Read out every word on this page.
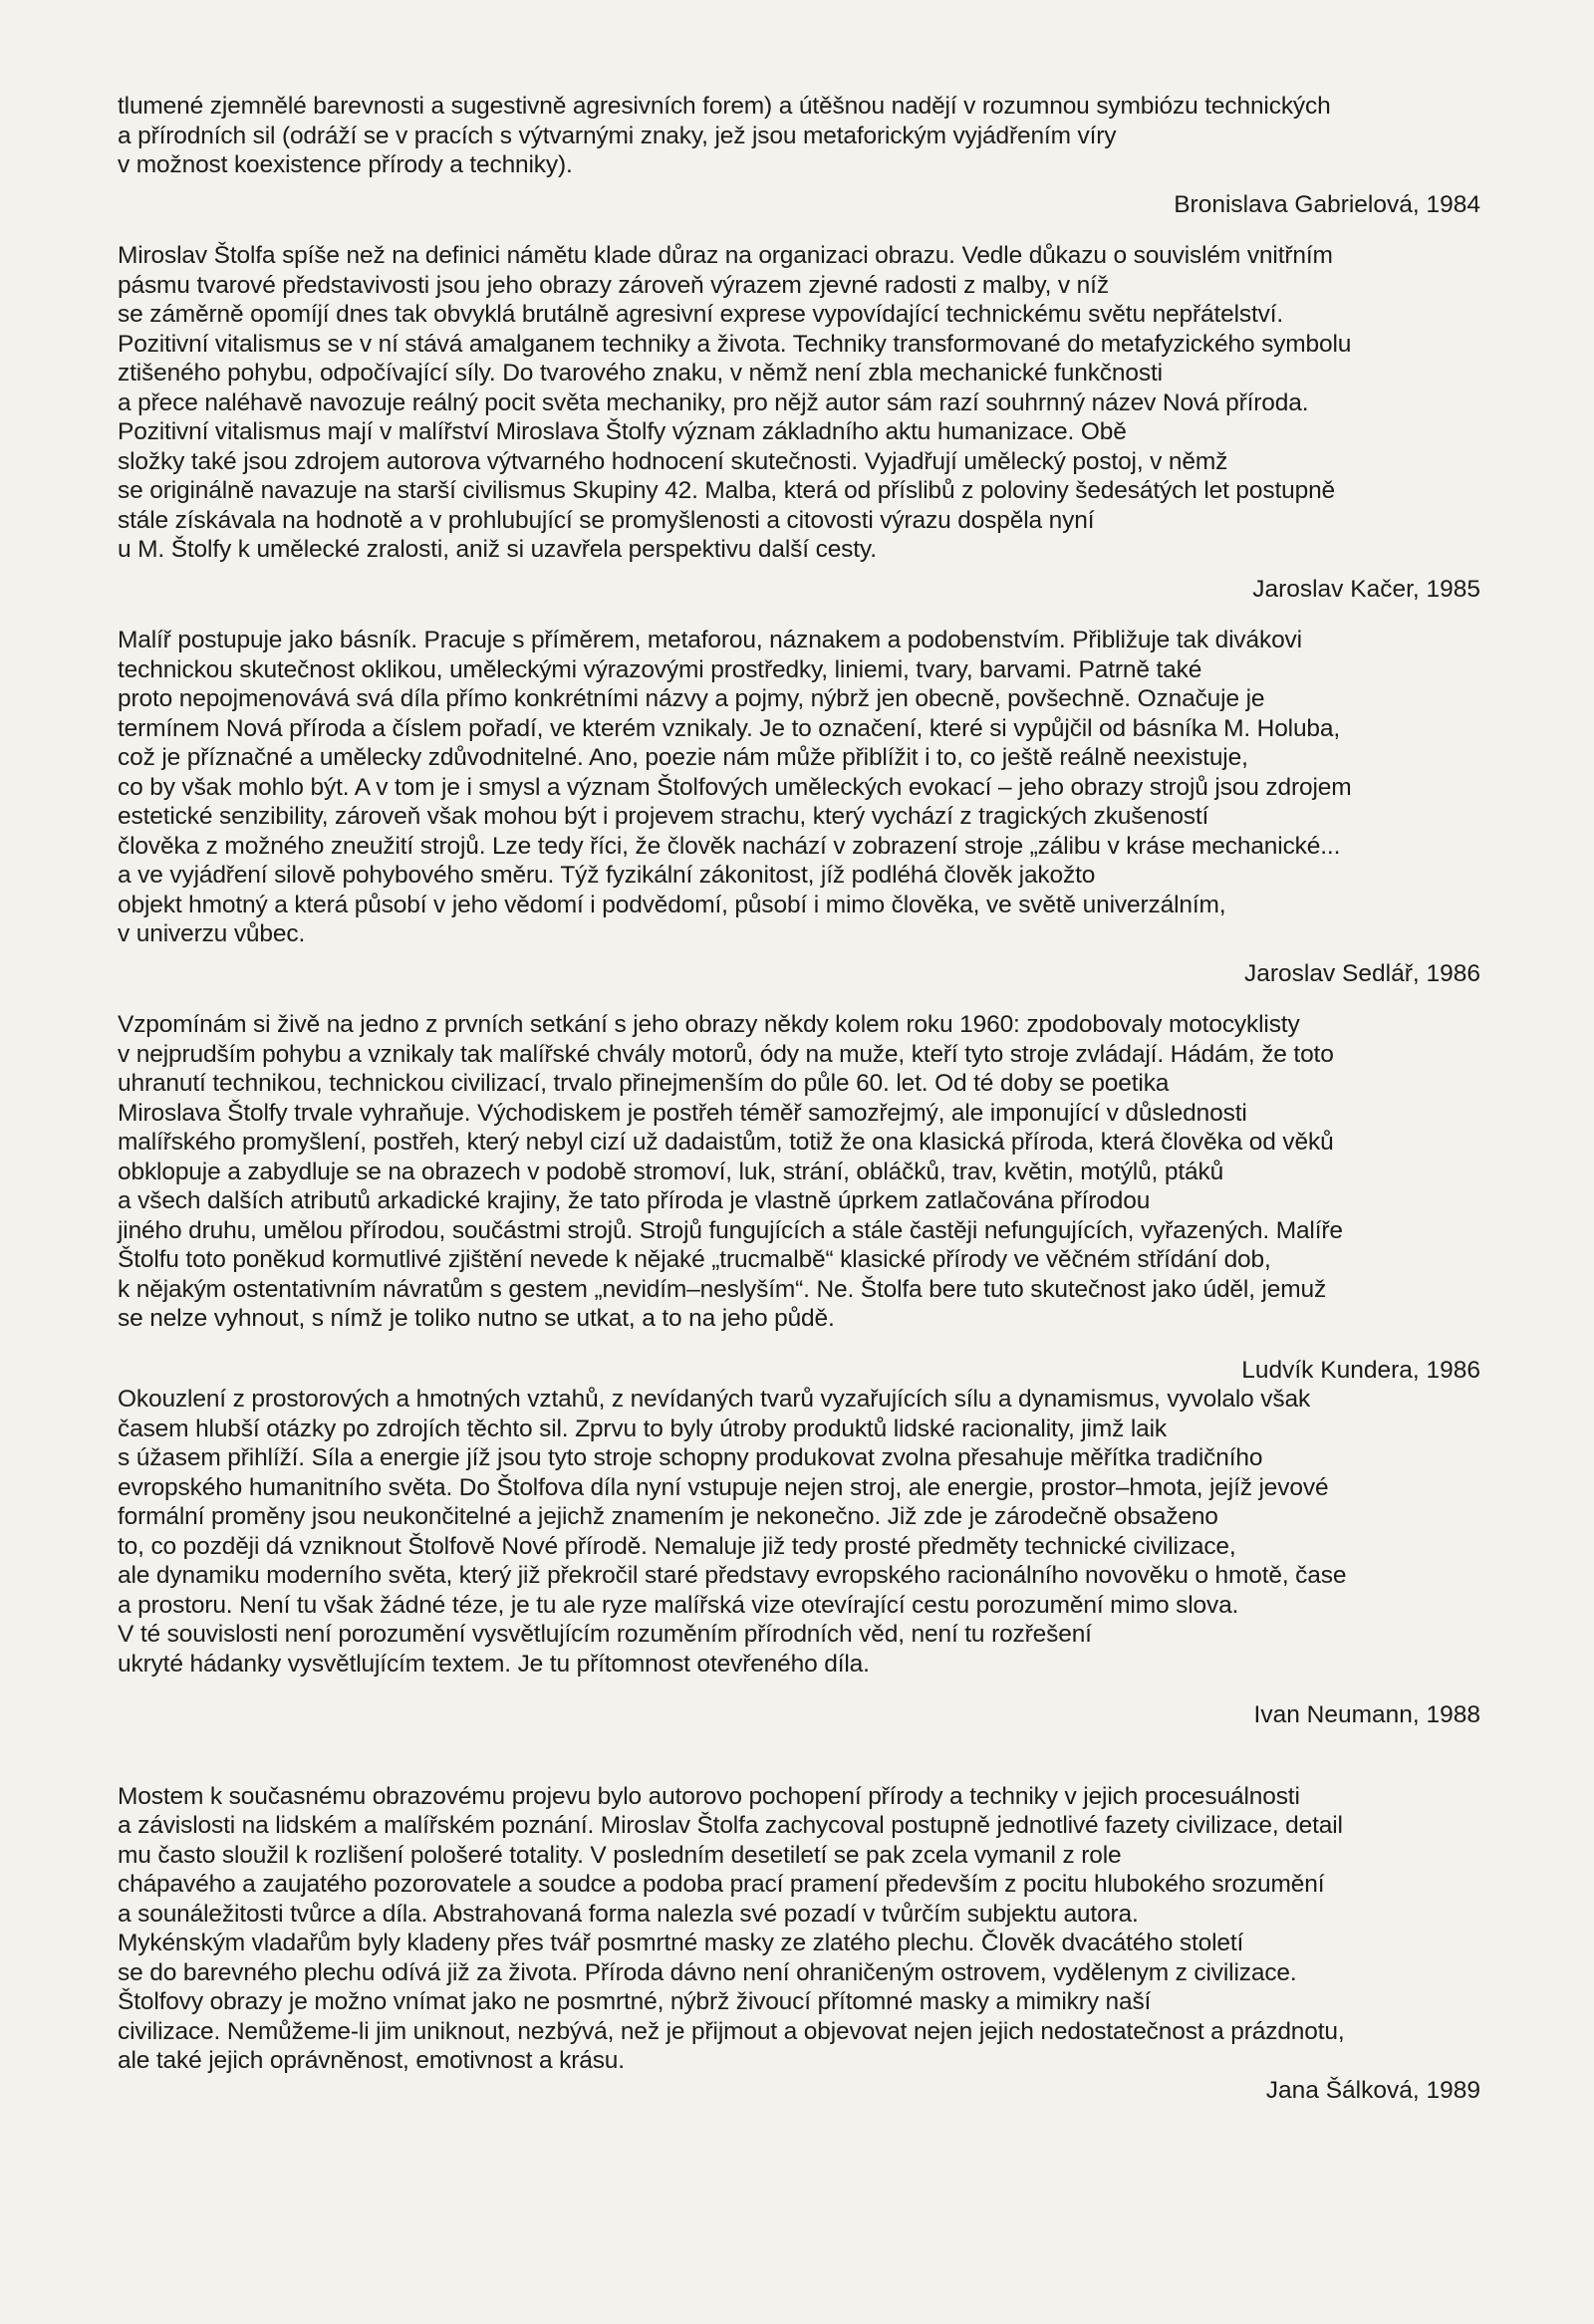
tlumené zjemnělé barevnosti a sugestivně agresivních forem) a útěšnou nadějí v rozumnou symbiózu technických
a přírodních sil (odráží se v pracích s výtvarnými znaky, jež jsou metaforickým vyjádřením víry
v možnost koexistence přírody a techniky).
Bronislava Gabrielová, 1984
Miroslav Štolfa spíše než na definici námětu klade důraz na organizaci obrazu. Vedle důkazu o souvislém vnitřním
pásmu tvarové představivosti jsou jeho obrazy zároveň výrazem zjevné radosti z malby, v níž
se záměrně opomíjí dnes tak obvyklá brutálně agresivní exprese vypovídající technickému světu nepřátelství.
Pozitivní vitalismus se v ní stává amalganem techniky a života. Techniky transformované do metafyzického symbolu
ztišeného pohybu, odpočívající síly. Do tvarového znaku, v němž není zbla mechanické funkčnosti
a přece naléhavě navozuje reálný pocit světa mechaniky, pro nějž autor sám razí souhrnný název Nová příroda.
Pozitivní vitalismus mají v malířství Miroslava Štolfy význam základního aktu humanizace. Obě
složky také jsou zdrojem autorova výtvarného hodnocení skutečnosti. Vyjadřují umělecký postoj, v němž
se originálně navazuje na starší civilismus Skupiny 42. Malba, která od příslibů z poloviny šedesátých let postupně
stále získávala na hodnotě a v prohlubující se promyšlenosti a citovosti výrazu dospěla nyní
u M. Štolfy k umělecké zralosti, aniž si uzavřela perspektivu další cesty.
Jaroslav Kačer, 1985
Malíř postupuje jako básník. Pracuje s příměrem, metaforou, náznakem a podobenstvím. Přibližuje tak divákovi
technickou skutečnost oklikou, uměleckými výrazovými prostředky, liniemi, tvary, barvami. Patrně také
proto nepojmenovává svá díla přímo konkrétními názvy a pojmy, nýbrž jen obecně, povšechně. Označuje je
termínem Nová příroda a číslem pořadí, ve kterém vznikaly. Je to označení, které si vypůjčil od básníka M. Holuba,
což je příznačné a umělecky zdůvodnitelné. Ano, poezie nám může přiblížit i to, co ještě reálně neexistuje,
co by však mohlo být. A v tom je i smysl a význam Štolfových uměleckých evokací – jeho obrazy strojů jsou zdrojem
estetické senzibility, zároveň však mohou být i projevem strachu, který vychází z tragických zkušeností
člověka z možného zneužití strojů. Lze tedy říci, že člověk nachází v zobrazení stroje „zálibu v kráse mechanické...
a ve vyjádření silově pohybového směru. Týž fyzikální zákonitost, jíž podléhá člověk jakožto
objekt hmotný a která působí v jeho vědomí i podvědomí, působí i mimo člověka, ve světě univerzálním,
v univerzu vůbec.
Jaroslav Sedlář, 1986
Vzpomínám si živě na jedno z prvních setkání s jeho obrazy někdy kolem roku 1960: zpodobovaly motocyklisty
v nejprudším pohybu a vznikaly tak malířské chvály motorů, ódy na muže, kteří tyto stroje zvládají. Hádám, že toto
uhranutí technikou, technickou civilizací, trvalo přinejmenším do půle 60. let. Od té doby se poetika
Miroslava Štolfy trvale vyhraňuje. Východiskem je postřeh téměř samozřejmý, ale imponující v důslednosti
malířského promyšlení, postřeh, který nebyl cizí už dadaistům, totiž že ona klasická příroda, která člověka od věků
obklopuje a zabydluje se na obrazech v podobě stromoví, luk, strání, obláčků, trav, květin, motýlů, ptáků
a všech dalších atributů arkadické krajiny, že tato příroda je vlastně úprkem zatlačována přírodou
jiného druhu, umělou přírodou, součástmi strojů. Strojů fungujících a stále častěji nefungujících, vyřazených. Malíře
Štolfu toto poněkud kormutlivé zjištění nevede k nějaké „trucmalbě“ klasické přírody ve věčném střídání dob,
k nějakým ostentativním návratům s gestem „nevidím–neslyším“. Ne. Štolfa bere tuto skutečnost jako úděl, jemuž
se nelze vyhnout, s nímž je toliko nutno se utkat, a to na jeho půdě.
Ludvík Kundera, 1986
Okouzlení z prostorových a hmotných vztahů, z nevídaných tvarů vyzařujících sílu a dynamismus, vyvolalo však
časem hlubší otázky po zdrojích těchto sil. Zprvu to byly útroby produktů lidské racionality, jimž laik
s úžasem přihlíží. Síla a energie jíž jsou tyto stroje schopny produkovat zvolna přesahuje měřítka tradičního
evropského humanitního světa. Do Štolfova díla nyní vstupuje nejen stroj, ale energie, prostor–hmota, jejíž jevové
formální proměny jsou neukončitelné a jejichž znamením je nekonečno. Již zde je zárodečně obsaženo
to, co později dá vzniknout Štolfově Nové přírodě. Nemaluje již tedy prosté předměty technické civilizace,
ale dynamiku moderního světa, který již překročil staré představy evropského racionálního novověku o hmotě, čase
a prostoru. Není tu však žádné téze, je tu ale ryze malířská vize otevírající cestu porozumění mimo slova.
V té souvislosti není porozumění vysvětlujícím rozuměním přírodních věd, není tu rozřešení
ukryté hádanky vysvětlujícím textem. Je tu přítomnost otevřeného díla.
Ivan Neumann, 1988
Mostem k současnému obrazovému projevu bylo autorovo pochopení přírody a techniky v jejich procesuálnosti
a závislosti na lidském a malířském poznání. Miroslav Štolfa zachycoval postupně jednotlivé fazety civilizace, detail
mu často sloužil k rozlišení pološeré totality. V posledním desetiletí se pak zcela vymanil z role
chápavého a zaujatého pozorovatele a soudce a podoba prací pramení především z pocitu hlubokého srozumění
a sounáležitosti tvůrce a díla. Abstrahovaná forma nalezla své pozadí v tvůrčím subjektu autora.
Mykénským vladařům byly kladeny přes tvář posmrtné masky ze zlatého plechu. Člověk dvacátého století
se do barevného plechu odívá již za života. Příroda dávno není ohraničeným ostrovem, vydělenym z civilizace.
Štolfovy obrazy je možno vnímat jako ne posmrtné, nýbrž živoucí přítomné masky a mimikry naší
civilizace. Nemůžeme-li jim uniknout, nezbývá, než je přijmout a objevovat nejen jejich nedostatečnost a prázdnotu,
ale také jejich oprávněnost, emotivnost a krásu.
Jana Šálková, 1989
